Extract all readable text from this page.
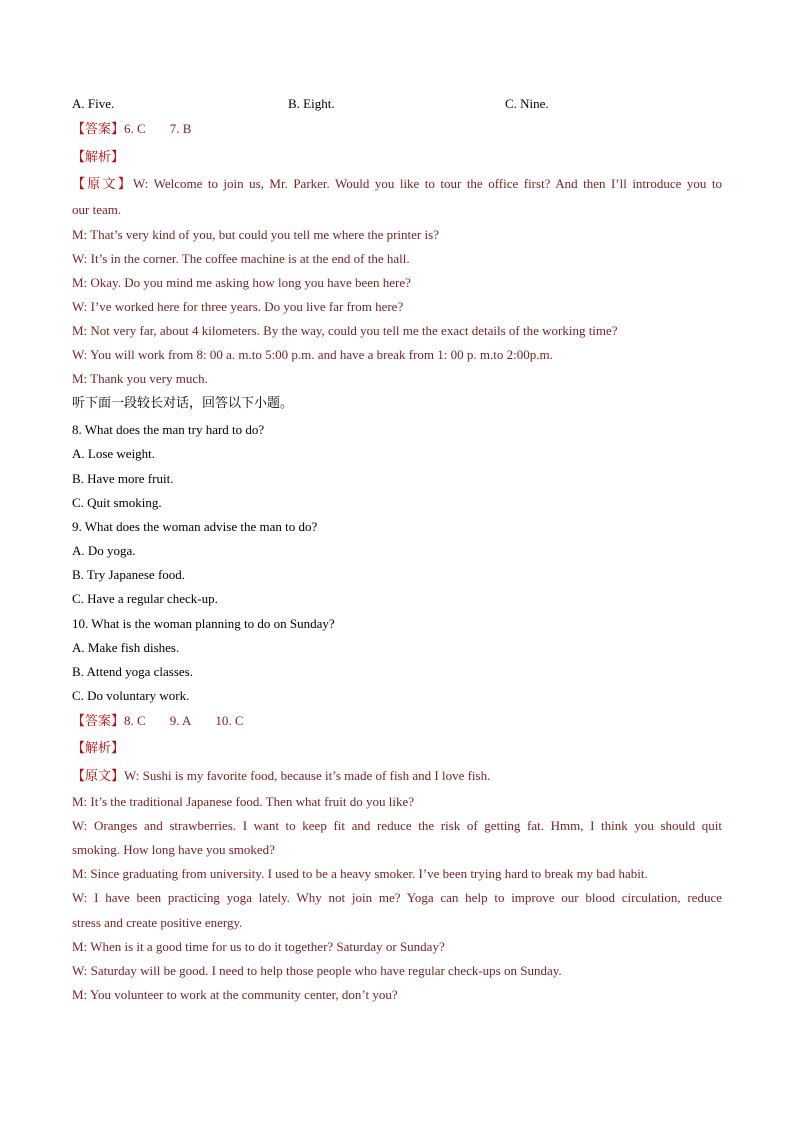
A. Five.	B. Eight.	C. Nine.
【答案】6. C 7. B
【解析】
【原文】W: Welcome to join us, Mr. Parker. Would you like to tour the office first? And then I’ll introduce you to
our team.
M: That’s very kind of you, but could you tell me where the printer is?
W: It’s in the corner. The coffee machine is at the end of the hall.
M: Okay. Do you mind me asking how long you have been here?
W: I’ve worked here for three years. Do you live far from here?
M: Not very far, about 4 kilometers. By the way, could you tell me the exact details of the working time?
W: You will work from 8: 00 a. m.to 5:00 p.m. and have a break from 1: 00 p. m.to 2:00p.m.
M: Thank you very much.
听下面一段较长对话，回答以下小题。
8. What does the man try hard to do?
A. Lose weight.
B. Have more fruit.
C. Quit smoking.
9. What does the woman advise the man to do?
A. Do yoga.
B. Try Japanese food.
C. Have a regular check-up.
10. What is the woman planning to do on Sunday?
A. Make fish dishes.
B. Attend yoga classes.
C. Do voluntary work.
【答案】8. C 9. A 10. C
【解析】
【原文】W: Sushi is my favorite food, because it’s made of fish and I love fish.
M: It’s the traditional Japanese food. Then what fruit do you like?
W: Oranges and strawberries. I want to keep fit and reduce the risk of getting fat. Hmm, I think you should quit
smoking. How long have you smoked?
M: Since graduating from university. I used to be a heavy smoker. I’ve been trying hard to break my bad habit.
W: I have been practicing yoga lately. Why not join me? Yoga can help to improve our blood circulation, reduce
stress and create positive energy.
M: When is it a good time for us to do it together? Saturday or Sunday?
W: Saturday will be good. I need to help those people who have regular check-ups on Sunday.
M: You volunteer to work at the community center, don’t you?
